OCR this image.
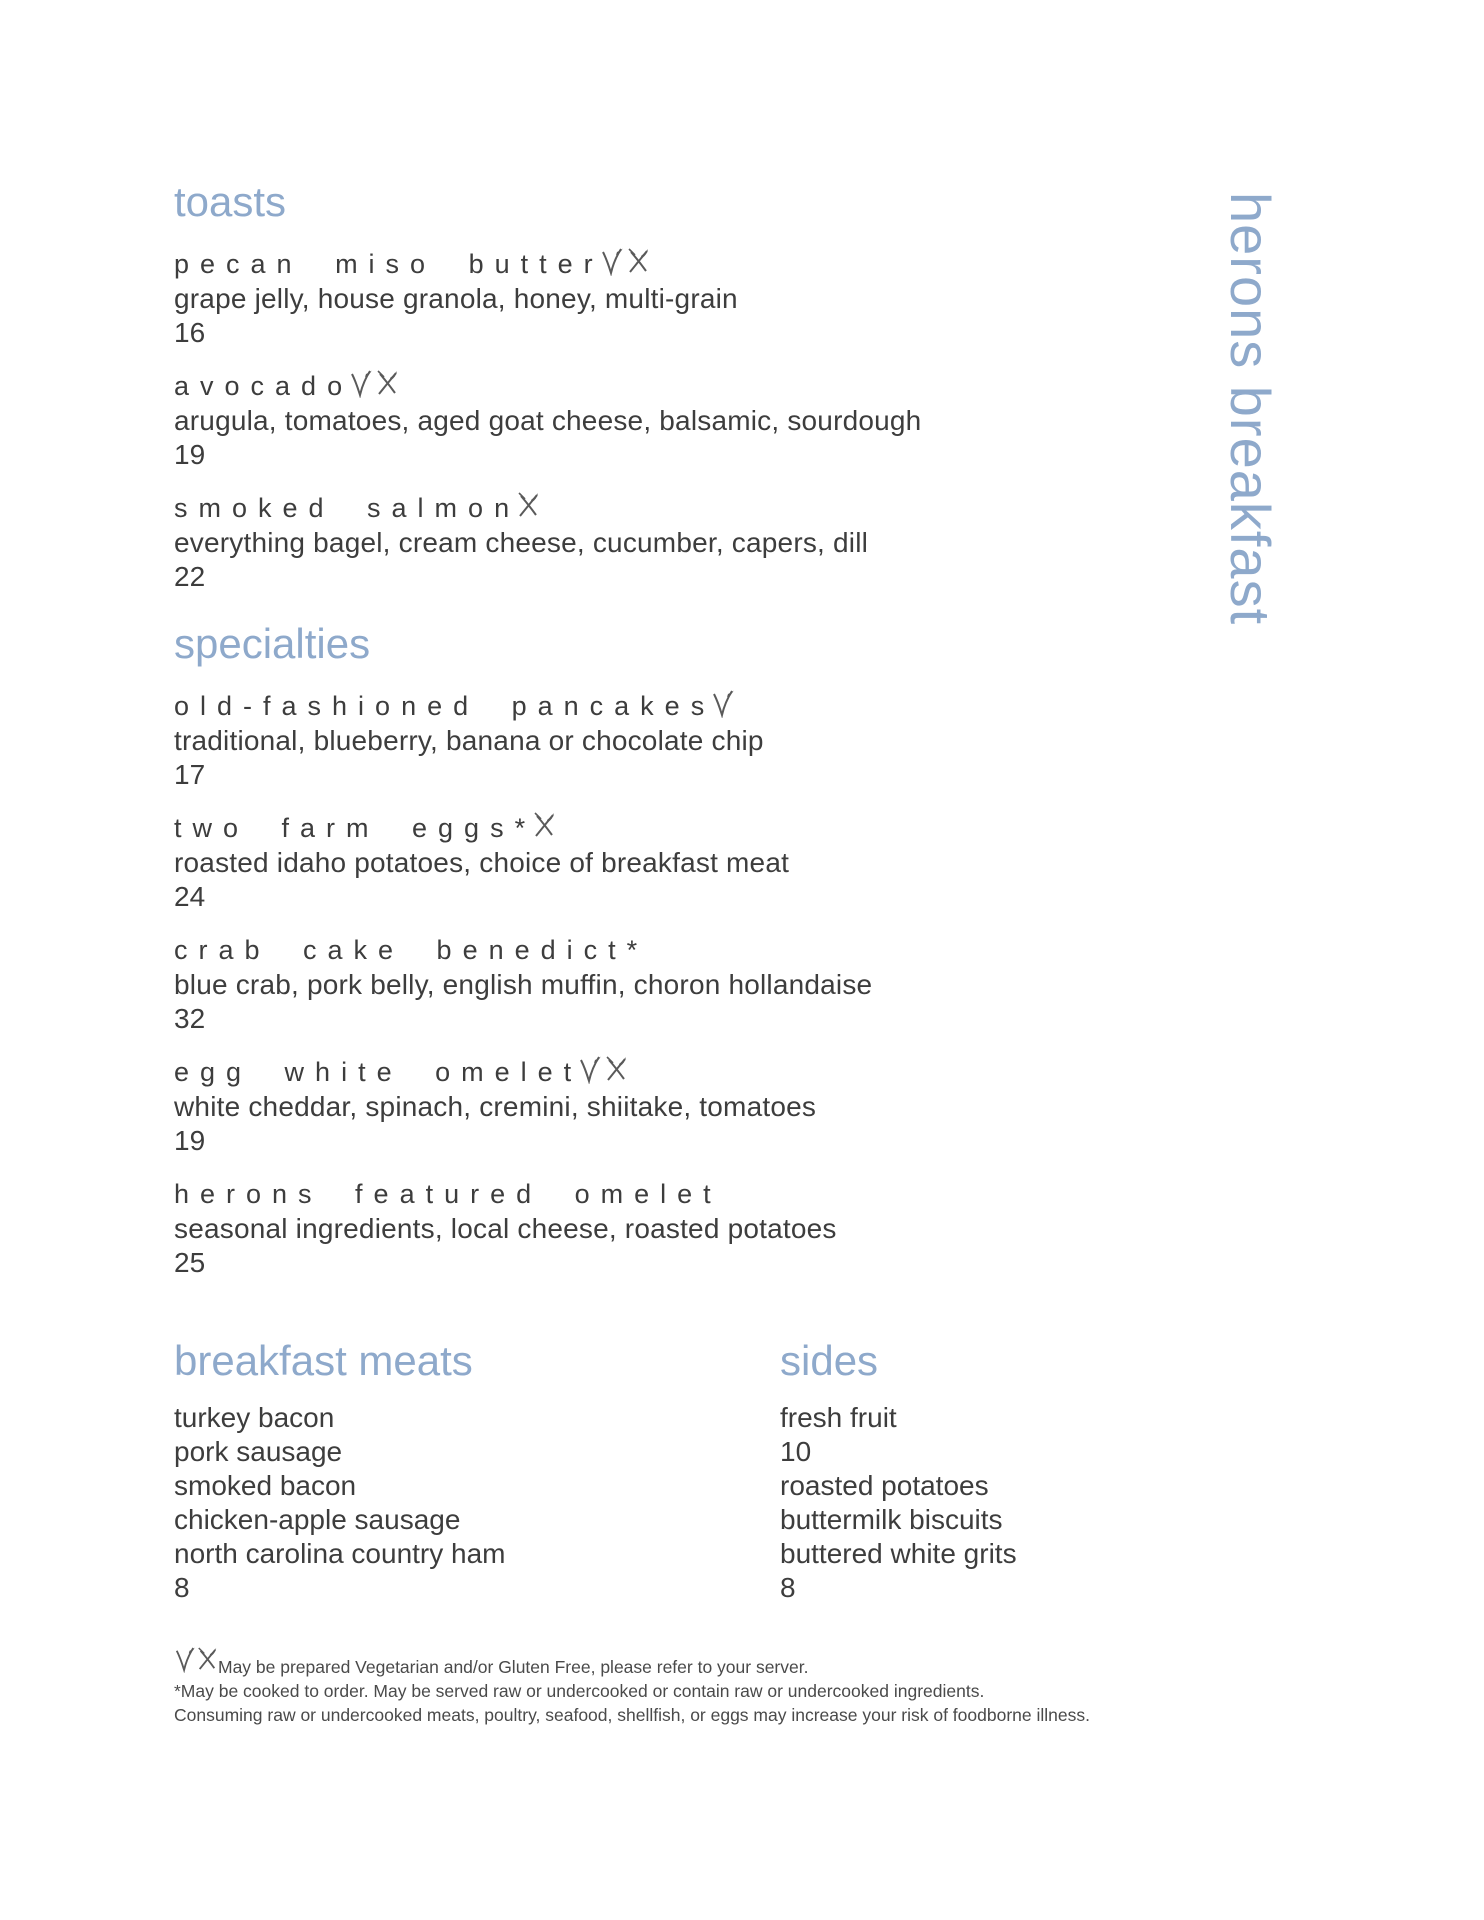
herons breakfast
toasts
pecan miso butter
grape jelly, house granola, honey, multi-grain
16
avocado
arugula, tomatoes, aged goat cheese, balsamic, sourdough
19
smoked salmon
everything bagel, cream cheese, cucumber, capers, dill
22
specialties
old-fashioned pancakes
traditional, blueberry, banana or chocolate chip
17
two farm eggs*
roasted idaho potatoes, choice of breakfast meat
24
crab cake benedict*
blue crab, pork belly, english muffin, choron hollandaise
32
egg white omelet
white cheddar, spinach, cremini, shiitake, tomatoes
19
herons featured omelet
seasonal ingredients, local cheese, roasted potatoes
25
breakfast meats
turkey bacon
pork sausage
smoked bacon
chicken-apple sausage
north carolina country ham
8
sides
fresh fruit
10
roasted potatoes
buttermilk biscuits
buttered white grits
8
May be prepared Vegetarian and/or Gluten Free, please refer to your server.
*May be cooked to order. May be served raw or undercooked or contain raw or undercooked ingredients.
Consuming raw or undercooked meats, poultry, seafood, shellfish, or eggs may increase your risk of foodborne illness.
